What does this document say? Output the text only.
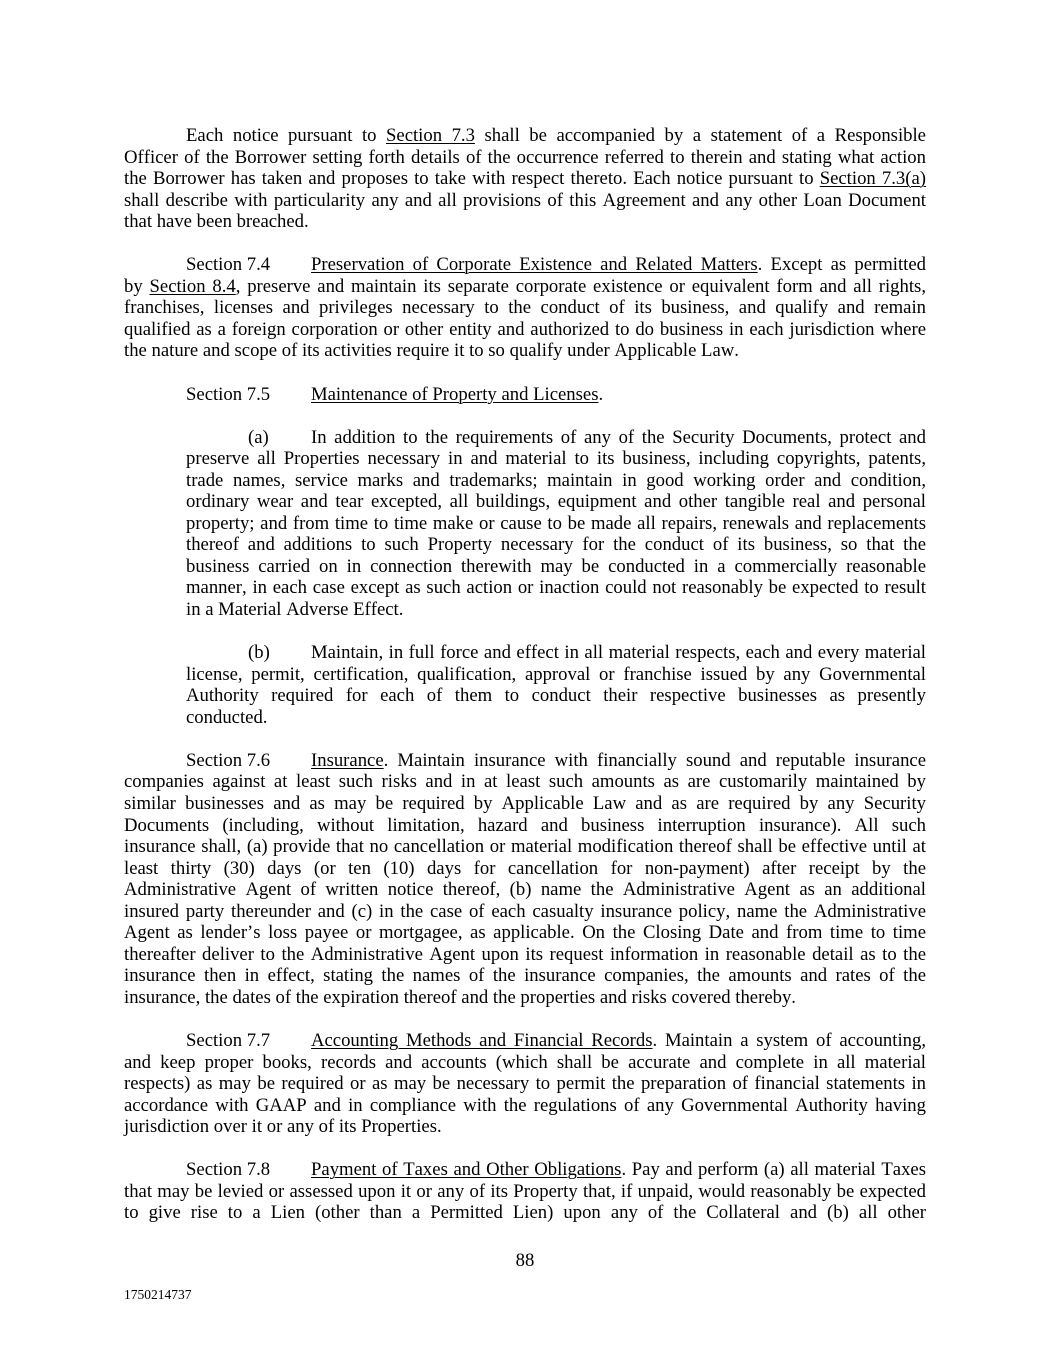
Each notice pursuant to Section 7.3 shall be accompanied by a statement of a Responsible
Officer of the Borrower setting forth details of the occurrence referred to therein and stating what action
the Borrower has taken and proposes to take with respect thereto. Each notice pursuant to Section 7.3(a)
shall describe with particularity any and all provisions of this Agreement and any other Loan Document
that have been breached.
Section 7.4 Preservation of Corporate Existence and Related Matters. Except as permitted
by Section 8.4, preserve and maintain its separate corporate existence or equivalent form and all rights,
franchises, licenses and privileges necessary to the conduct of its business, and qualify and remain
qualified as a foreign corporation or other entity and authorized to do business in each jurisdiction where
the nature and scope of its activities require it to so qualify under Applicable Law.
Section 7.5 Maintenance of Property and Licenses.
(a) In addition to the requirements of any of the Security Documents, protect and
preserve all Properties necessary in and material to its business, including copyrights, patents,
trade names, service marks and trademarks; maintain in good working order and condition,
ordinary wear and tear excepted, all buildings, equipment and other tangible real and personal
property; and from time to time make or cause to be made all repairs, renewals and replacements
thereof and additions to such Property necessary for the conduct of its business, so that the
business carried on in connection therewith may be conducted in a commercially reasonable
manner, in each case except as such action or inaction could not reasonably be expected to result
in a Material Adverse Effect.
(b) Maintain, in full force and effect in all material respects, each and every material
license, permit, certification, qualification, approval or franchise issued by any Governmental
Authority required for each of them to conduct their respective businesses as presently
conducted.
Section 7.6 Insurance. Maintain insurance with financially sound and reputable insurance
companies against at least such risks and in at least such amounts as are customarily maintained by
similar businesses and as may be required by Applicable Law and as are required by any Security
Documents (including, without limitation, hazard and business interruption insurance). All such
insurance shall, (a) provide that no cancellation or material modification thereof shall be effective until at
least thirty (30) days (or ten (10) days for cancellation for non-payment) after receipt by the
Administrative Agent of written notice thereof, (b) name the Administrative Agent as an additional
insured party thereunder and (c) in the case of each casualty insurance policy, name the Administrative
Agent as lender’s loss payee or mortgagee, as applicable. On the Closing Date and from time to time
thereafter deliver to the Administrative Agent upon its request information in reasonable detail as to the
insurance then in effect, stating the names of the insurance companies, the amounts and rates of the
insurance, the dates of the expiration thereof and the properties and risks covered thereby.
Section 7.7 Accounting Methods and Financial Records. Maintain a system of accounting,
and keep proper books, records and accounts (which shall be accurate and complete in all material
respects) as may be required or as may be necessary to permit the preparation of financial statements in
accordance with GAAP and in compliance with the regulations of any Governmental Authority having
jurisdiction over it or any of its Properties.
Section 7.8 Payment of Taxes and Other Obligations. Pay and perform (a) all material Taxes
that may be levied or assessed upon it or any of its Property that, if unpaid, would reasonably be expected
to give rise to a Lien (other than a Permitted Lien) upon any of the Collateral and (b) all other
88
1750214737
